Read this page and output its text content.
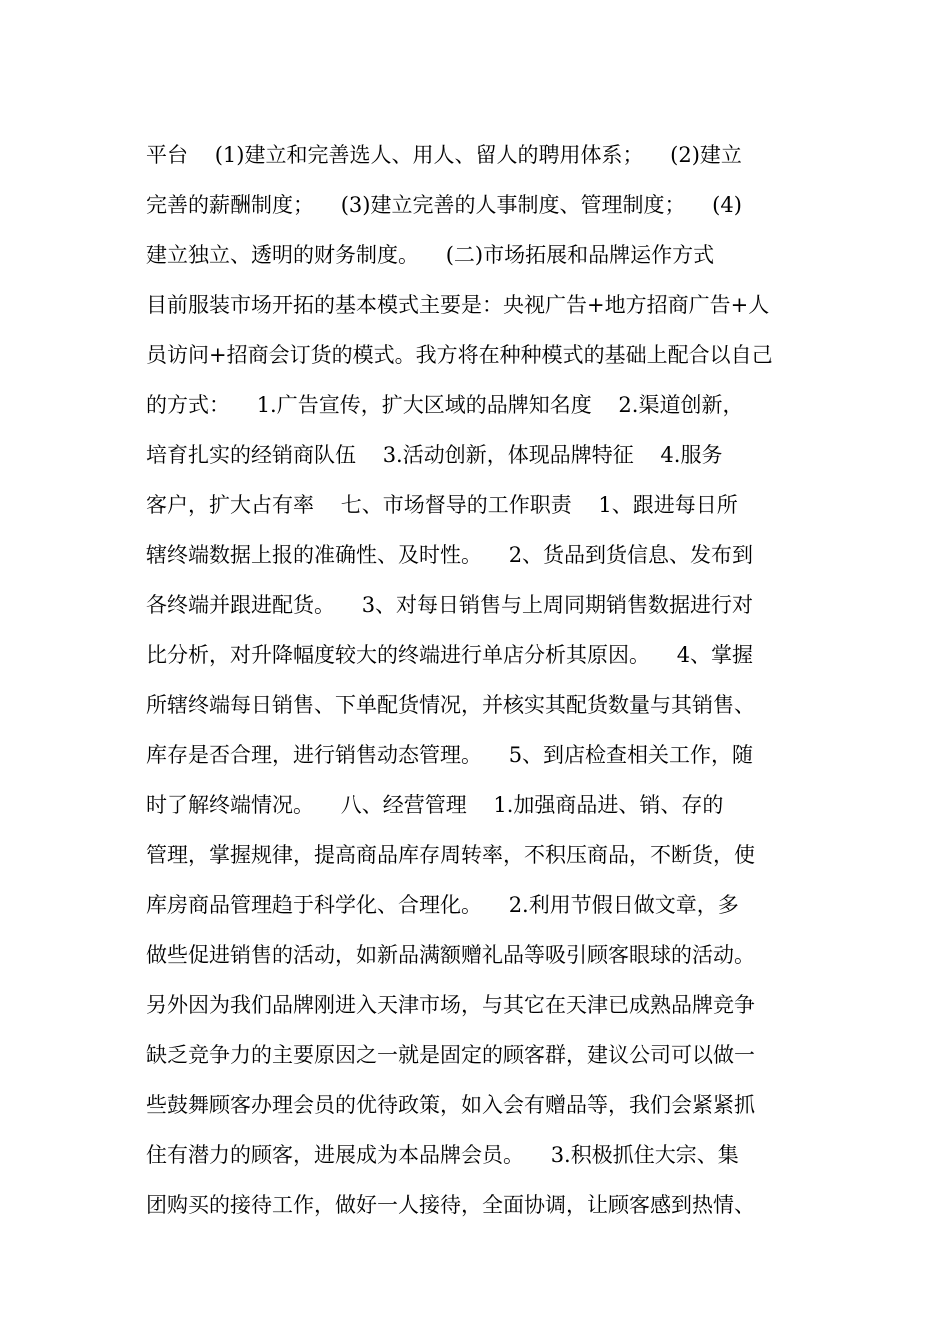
平台    (1)建立和完善选人、用人、留人的聘用体系；    (2)建立
完善的薪酬制度；    (3)建立完善的人事制度、管理制度；    (4)
建立独立、透明的财务制度。    (二)市场拓展和品牌运作方式
目前服装市场开拓的基本模式主要是：央视广告+地方招商广告+人
员访问+招商会订货的模式。我方将在种种模式的基础上配合以自己
的方式：    1.广告宣传，扩大区域的品牌知名度    2.渠道创新，
培育扎实的经销商队伍    3.活动创新，体现品牌特征    4.服务
客户，扩大占有率    七、市场督导的工作职责    1、跟进每日所
辖终端数据上报的准确性、及时性。    2、货品到货信息、发布到
各终端并跟进配货。    3、对每日销售与上周同期销售数据进行对
比分析，对升降幅度较大的终端进行单店分析其原因。    4、掌握
所辖终端每日销售、下单配货情况，并核实其配货数量与其销售、
库存是否合理，进行销售动态管理。    5、到店检查相关工作，随
时了解终端情况。    八、经营管理    1.加强商品进、销、存的
管理，掌握规律，提高商品库存周转率，不积压商品，不断货，使
库房商品管理趋于科学化、合理化。    2.利用节假日做文章，多
做些促进销售的活动，如新品满额赠礼品等吸引顾客眼球的活动。
另外因为我们品牌刚进入天津市场，与其它在天津已成熟品牌竞争
缺乏竞争力的主要原因之一就是固定的顾客群，建议公司可以做一
些鼓舞顾客办理会员的优待政策，如入会有赠品等，我们会紧紧抓
住有潜力的顾客，进展成为本品牌会员。    3.积极抓住大宗、集
团购买的接待工作，做好一人接待，全面协调，让顾客感到热情、
